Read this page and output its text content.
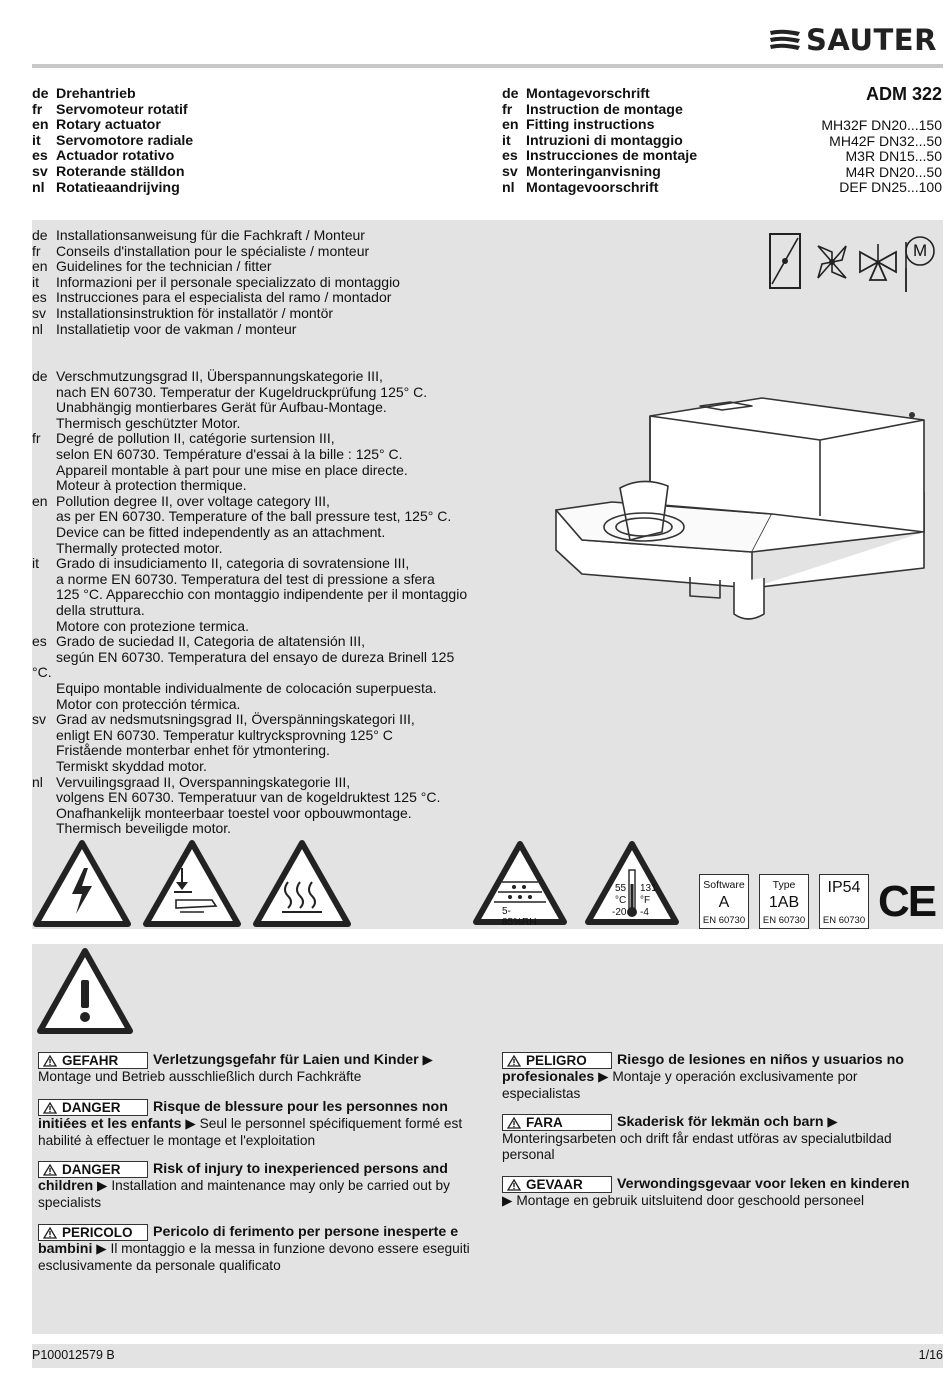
SAUTER
de Drehantrieb
fr Servomoteur rotatif
en Rotary actuator
it Servomotore radiale
es Actuador rotativo
sv Roterande ställdon
nl Rotatieaandrijving
de Montagevorschrift
fr Instruction de montage
en Fitting instructions
it Intruzioni di montaggio
es Instrucciones de montaje
sv Monteringanvisning
nl Montagevoorschrift
ADM 322
MH32F DN20...150
MH42F DN32...50
M3R DN15...50
M4R DN20...50
DEF DN25...100
de Installationsanweisung für die Fachkraft / Monteur
fr Conseils d'installation pour le spécialiste / monteur
en Guidelines for the technician / fitter
it Informazioni per il personale specializzato di montaggio
es Instrucciones para el especialista del ramo / montador
sv Installationsinstruktion för installatör / montör
nl Installatietip voor de vakman / monteur
M
de Verschmutzungsgrad II, Überspannungskategorie III,
nach EN 60730. Temperatur der Kugeldruckprüfung 125° C.
Unabhängig montierbares Gerät für Aufbau-Montage.
Thermisch geschützter Motor.
fr	Degré de pollution II, catégorie surtension III,
selon EN 60730. Température d'essai à la bille : 125° C.
Appareil montable à part pour une mise en place directe.
Moteur à protection thermique.
en Pollution degree II, over voltage category III,
as per EN 60730. Temperature of the ball pressure test, 125° C.
Device can be fitted independently as an attachment.
Thermally protected motor.
it	Grado di insudiciamento II, categoria di sovratensione III,
a norme EN 60730. Temperatura del test di pressione a sfera
125 °C. Apparecchio con montaggio indipendente per il montaggio
della struttura.
Motore con protezione termica.
es Grado de suciedad II, Categoria de altatensión III,
según EN 60730. Temperatura del ensayo de dureza Brinell 125
°C.
Equipo montable individualmente de colocación superpuesta.
Motor con protección térmica.
sv Grad av nedsmutsningsgrad II, Överspänningskategori III,
enligt EN 60730. Temperatur kultrycksprovning 125° C
Fristående monterbar enhet för ytmontering.
Termiskt skyddad motor.
nl Vervuilingsgraad II, Overspanningskategorie III,
volgens EN 60730. Temperatuur van de kogeldruktest 125 °C.
Onafhankelijk monteerbaar toestel voor opbouwmontage.
Thermisch beveiligde motor.
5-85%RH
55
°C
-20
131
°F
-4
Software
A
EN 60730
Type
1AB
EN 60730
IP54
EN 60730 CE
GEFAHR Verletzungsgefahr für Laien und Kinder ▶ Montage und Betrieb ausschließlich durch Fachkräfte
DANGER Risque de blessure pour les personnes non initiées et les enfants ▶ Seul le personnel spécifiquement formé est habilité à effectuer le montage et l'exploitation
DANGER Risk of injury to inexperienced persons and children ▶ Installation and maintenance may only be carried out by specialists
PERICOLO Pericolo di ferimento per persone inesperte e bambini ▶ Il montaggio e la messa in funzione devono essere eseguiti esclusivamente da personale qualificato
PELIGRO Riesgo de lesiones en niños y usuarios no profesionales ▶ Montaje y operación exclusivamente por especialistas
FARA	Skaderisk för lekmän och barn ▶ Monteringsarbeten och drift får endast utföras av specialutbildad personal
GEVAAR Verwondingsgevaar voor leken en kinderen ▶ Montage en gebruik uitsluitend door geschoold personeel
P100012579 B	1/16
